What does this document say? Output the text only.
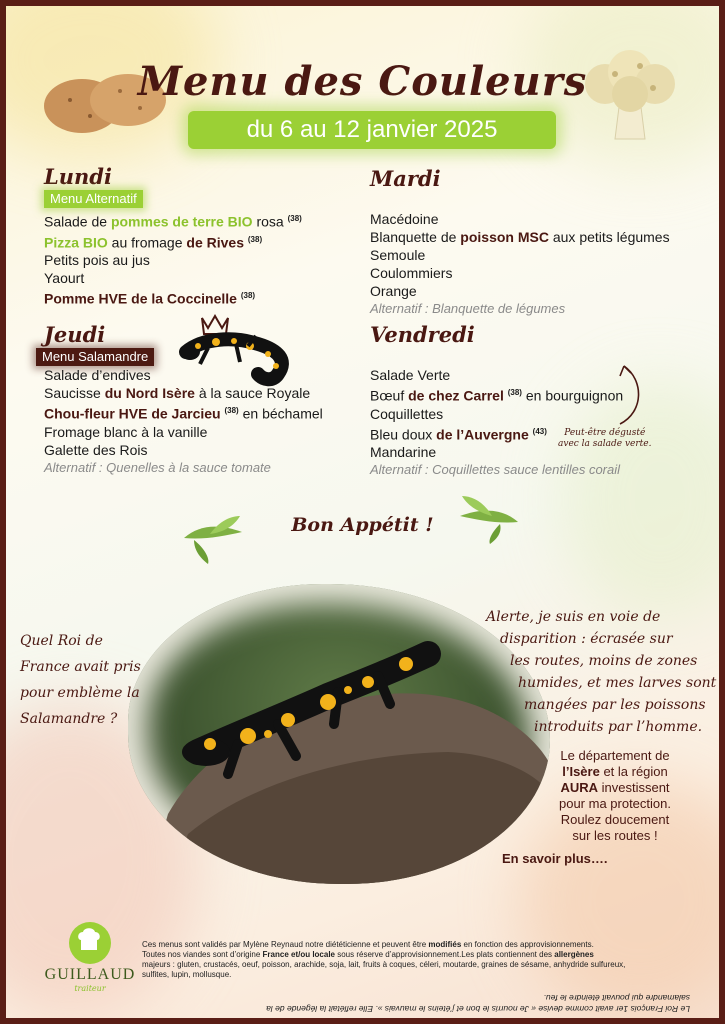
Menu des Couleurs
du 6 au 12 janvier 2025
Lundi
Menu Alternatif
Salade de pommes de terre BIO rosa $^{(38)}$
Pizza BIO au fromage de Rives $^{(38)}$
Petits pois au jus
Yaourt
Pomme HVE de la Coccinelle $^{(38)}$
Mardi
Macédoine
Blanquette de poisson MSC aux petits légumes
Semoule
Coulommiers
Orange
Alternatif : Blanquette de légumes
Jeudi
Menu Salamandre
Salade d’endives
Saucisse du Nord Isère à la sauce Royale
Chou-fleur HVE de Jarcieu $^{(38)}$ en béchamel
Fromage blanc à la vanille
Galette des Rois
Alternatif : Quenelles à la sauce tomate
Vendredi
Salade Verte
Bœuf de chez Carrel $^{(38)}$ en bourguignon
Coquillettes
Bleu doux de l’Auvergne $^{(43)}$
Mandarine
Alternatif : Coquillettes sauce lentilles corail
Peut-être dégusté
avec la salade verte.
Bon Appétit !
Quel Roi de
France avait pris
pour emblème la
Salamandre ?
Alerte, je suis en voie de
disparition : écrasée sur
les routes, moins de zones
humides, et mes larves sont
mangées par les poissons
introduits par l’homme.
Le département de
l’Isère et la région
AURA investissent
pour ma protection.
Roulez doucement
sur les routes !
En savoir plus….
GUILLAUD
traiteur
Ces menus sont validés par Mylène Reynaud notre diététicienne et peuvent être modifiés en fonction des approvisionnements.
Toutes nos viandes sont d’origine France et/ou locale sous réserve d’approvisionnement.Les plats contiennent des allergènes
majeurs : gluten, crustacés, oeuf, poisson, arachide, soja, lait, fruits à coques, céleri, moutarde, graines de sésame, anhydride sulfureux,
sulfites, lupin, mollusque.
Le Roi François 1er avait comme devise « Je nourris le bon et j’éteins le mauvais ». Elle reflétait la légende de la
salamandre qui pouvait éteindre le feu.
